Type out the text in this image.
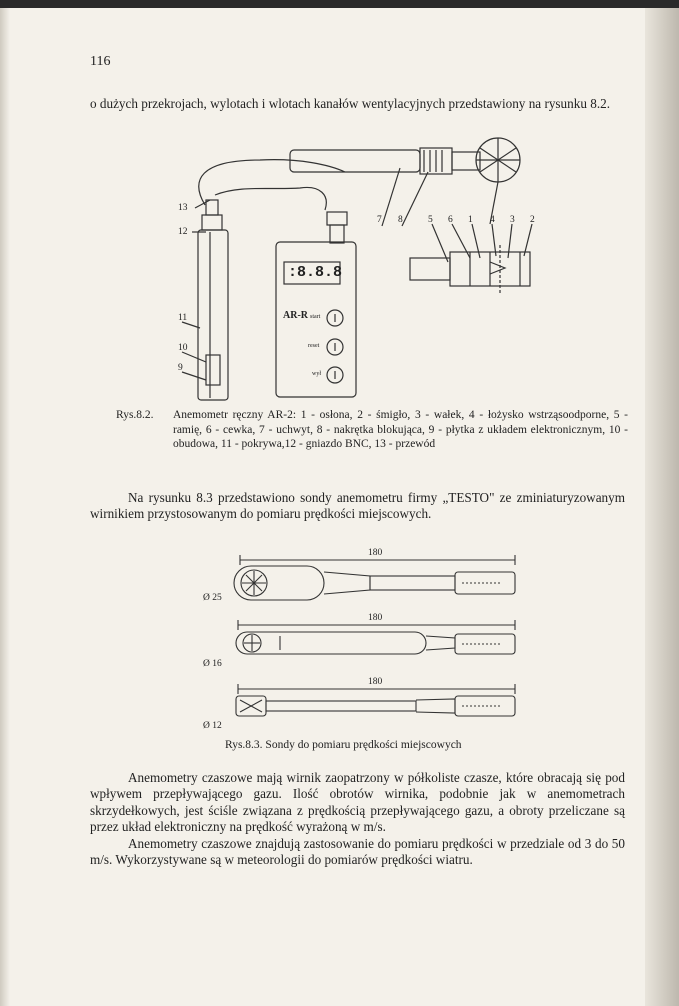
116

o dużych przekrojach, wylotach i wlotach kanałów wentylacyjnych przedstawiony na rysunku 8.2.

:8.8.8
AR-R start
reset
wył
13
12
11
10
9
7 8	5 6 1 4 3 2
Rys.8.2. Anemometr ręczny AR-2: 1 - osłona, 2 - śmigło, 3 - wałek, 4 - łożysko wstrząsoodporne, 5 - ramię, 6 - cewka, 7 - uchwyt, 8 - nakrętka blokująca, 9 - płytka z układem elektronicznym, 10 - obudowa, 11 - pokrywa,12 - gniazdo BNC, 13 - przewód

Na rysunku 8.3 przedstawiono sondy anemometru firmy „TESTO" ze zminiaturyzowanym wirnikiem przystosowanym do pomiaru prędkości miejscowych.

180
Ø 25
180
Ø 16
180
Ø 12
Rys.8.3. Sondy do pomiaru prędkości miejscowych

Anemometry czaszowe mają wirnik zaopatrzony w półkoliste czasze, które obracają się pod wpływem przepływającego gazu. Ilość obrotów wirnika, podobnie jak w anemometrach skrzydełkowych, jest ściśle związana z prędkością przepływającego gazu, a obroty przeliczane są przez układ elektroniczny na prędkość wyrażoną w m/s.

Anemometry czaszowe znajdują zastosowanie do pomiaru prędkości w przedziale od 3 do 50 m/s. Wykorzystywane są w meteorologii do pomiarów prędkości wiatru.
